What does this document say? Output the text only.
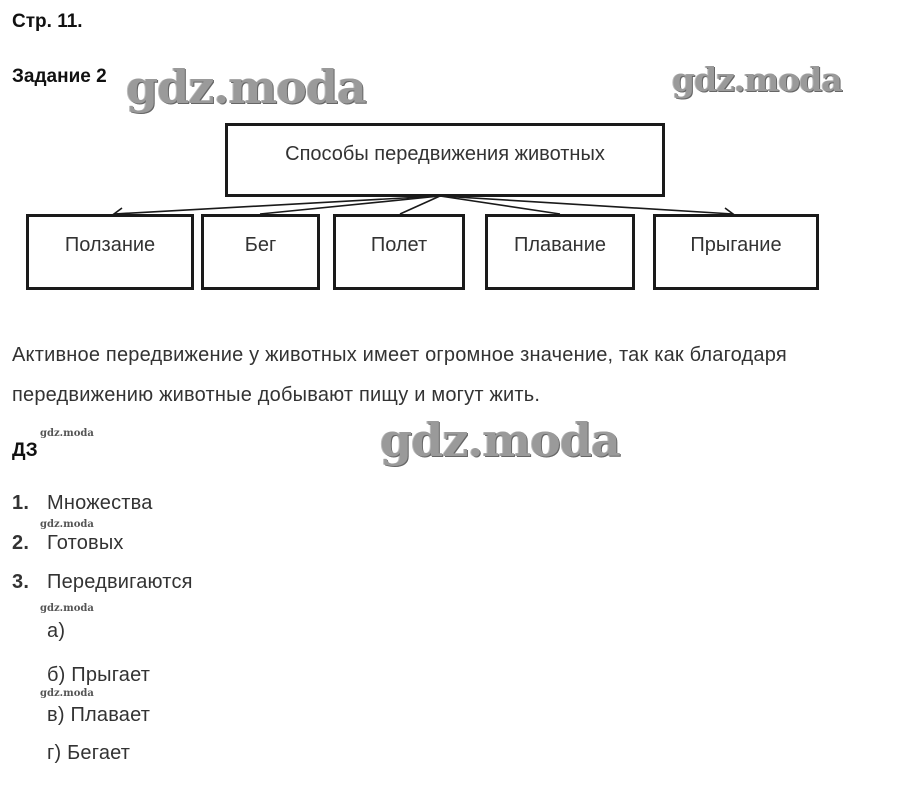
Стр. 11.
Задание 2 gdz.moda	gdz.moda
gdz.moda
gdz.moda
gdz.moda
gdz.moda
gdz.moda
Способы передвижения животных
Ползание	Бег	Полет	Плавание	Прыгание
Активное передвижение у животных имеет огромное значение, так как благодаря
передвижению животные добывают пищу и могут жить.
ДЗ
1. Множества
2. Готовых
3. Передвигаются
а)
б) Прыгает
в) Плавает
г) Бегает
